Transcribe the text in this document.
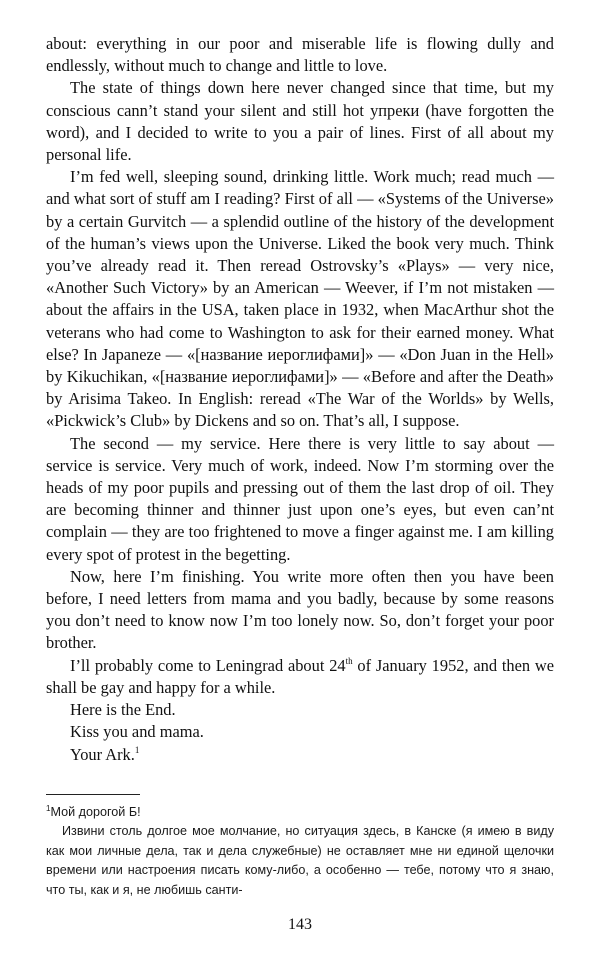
about: everything in our poor and miserable life is flowing dully and endlessly, without much to change and little to love.

The state of things down here never changed since that time, but my conscious cann’t stand your silent and still hot упреки (have forgotten the word), and I decided to write to you a pair of lines. First of all about my personal life.

I’m fed well, sleeping sound, drinking little. Work much; read much — and what sort of stuff am I reading? First of all — «Systems of the Universe» by a certain Gurvitch — a splendid outline of the history of the development of the human’s views upon the Universe. Liked the book very much. Think you’ve already read it. Then reread Ostrovsky’s «Plays» — very nice, «Another Such Victory» by an American — Weever, if I’m not mistaken — about the affairs in the USA, taken place in 1932, when MacArthur shot the veterans who had come to Washington to ask for their earned money. What else? In Japaneze — «[название иероглифами]» — «Don Juan in the Hell» by Kikuchikan, «[название иероглифами]» — «Before and after the Death» by Arisima Takeo. In English: reread «The War of the Worlds» by Wells, «Pickwick’s Club» by Dickens and so on. That’s all, I suppose.

The second — my service. Here there is very little to say about — service is service. Very much of work, indeed. Now I’m storming over the heads of my poor pupils and pressing out of them the last drop of oil. They are becoming thinner and thinner just upon one’s eyes, but even can’nt complain — they are too frightened to move a finger against me. I am killing every spot of protest in the begetting.

Now, here I’m finishing. You write more often then you have been before, I need letters from mama and you badly, because by some reasons you don’t need to know now I’m too lonely now. So, don’t forget your poor brother.

I’ll probably come to Leningrad about 24th of January 1952, and then we shall be gay and happy for a while.

Here is the End.

Kiss you and mama.

Your Ark.$^1$

$^1$Мой дорогой Б!

Извини столь долгое мое молчание, но ситуация здесь, в Канске (я имею в виду как мои личные дела, так и дела служебные) не оставляет мне ни единой щелочки времени или настроения писать кому-либо, а особенно — тебе, потому что я знаю, что ты, как и я, не любишь санти-

143
